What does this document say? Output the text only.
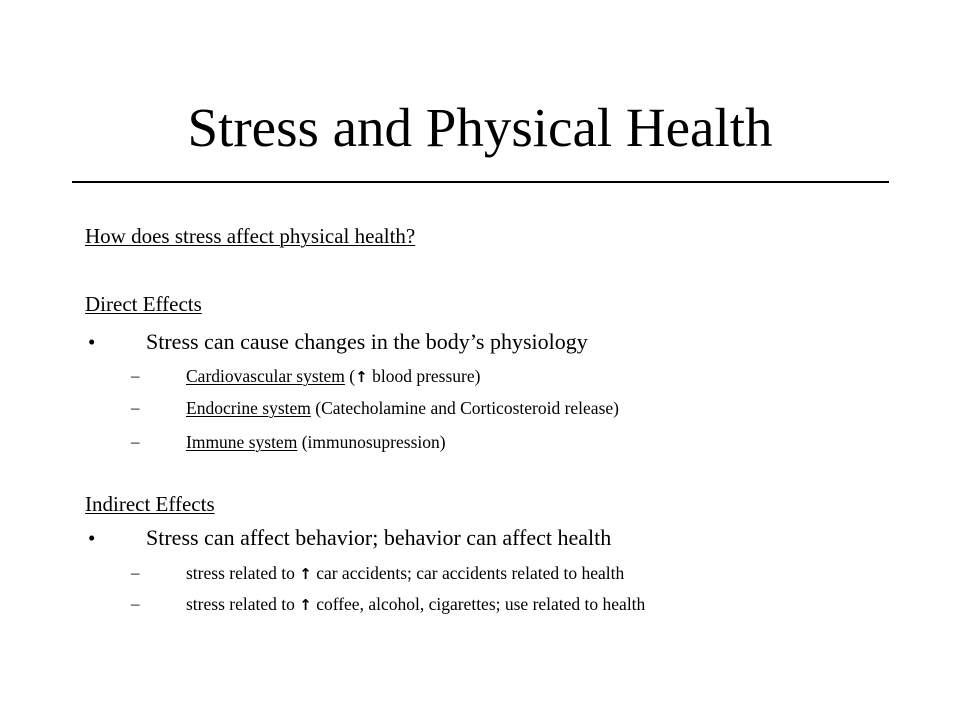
Stress and Physical Health

How does stress affect physical health?

Direct Effects

• Stress can cause changes in the body’s physiology
–	Cardiovascular system (↑ blood pressure)
–	Endocrine system (Catecholamine and Corticosteroid release)
–	Immune system (immunosupression)

Indirect Effects

• Stress can affect behavior; behavior can affect health
–	stress related to ↑ car accidents; car accidents related to health
–	stress related to ↑ coffee, alcohol, cigarettes; use related to health
